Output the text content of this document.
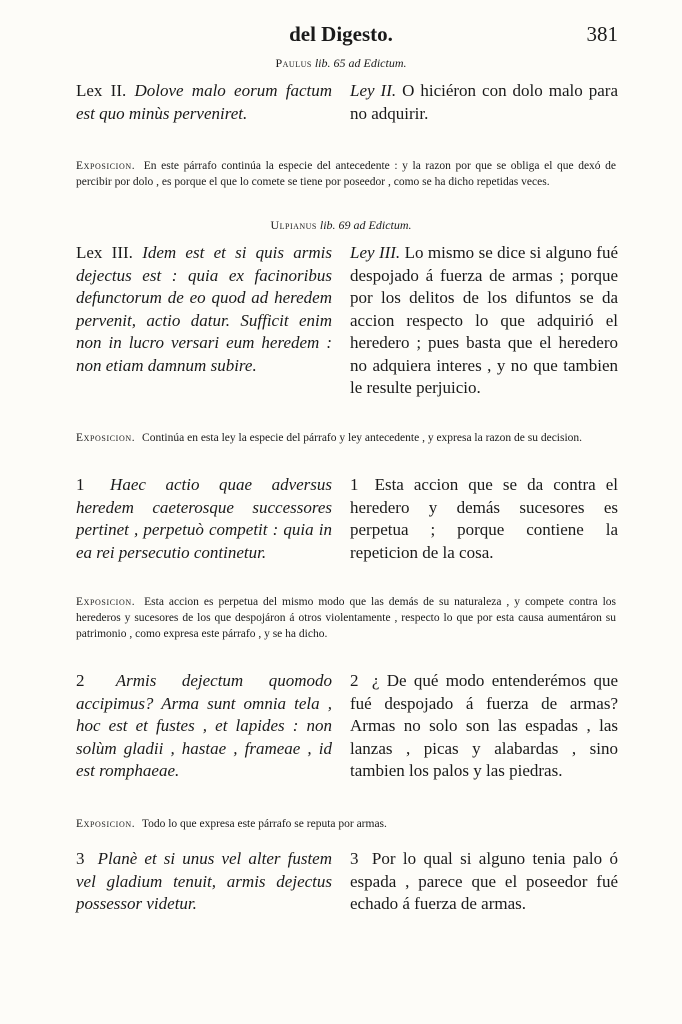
del Digesto.	381
Paulus lib. 65 ad Edictum.
Lex II. Dolove malo eorum factum est quo minùs perveniret.
Ley II. O hiciéron con dolo malo para no adquirir.
Exposicion. En este párrafo continúa la especie del antecedente : y la razon por que se obliga el que dexó de percibir por dolo , es porque el que lo comete se tiene por poseedor , como se ha dicho repetidas veces.
Ulpianus lib. 69 ad Edictum.
Lex III. Idem est et si quis armis dejectus est : quia ex facinoribus defunctorum de eo quod ad heredem pervenit, actio datur. Sufficit enim non in lucro versari eum heredem : non etiam damnum subire.
Ley III. Lo mismo se dice si alguno fué despojado á fuerza de armas ; porque por los delitos de los difuntos se da accion respecto lo que adquirió el heredero ; pues basta que el heredero no adquiera interes , y no que tambien le resulte perjuicio.
Exposicion. Continúa en esta ley la especie del párrafo y ley antecedente , y expresa la razon de su decision.
1 Haec actio quae adversus heredem caeterosque successores pertinet , perpetuò competit : quia in ea rei persecutio continetur.
1 Esta accion que se da contra el heredero y demás sucesores es perpetua ; porque contiene la repeticion de la cosa.
Exposicion. Esta accion es perpetua del mismo modo que las demás de su naturaleza , y compete contra los herederos y sucesores de los que despojáron á otros violentamente , respecto lo que por esta causa aumentáron su patrimonio , como expresa este párrafo , y se ha dicho.
2 Armis dejectum quomodo accipimus? Arma sunt omnia tela , hoc est et fustes , et lapides : non solùm gladii , hastae , frameae , id est romphaeae.
2 ¿ De qué modo entenderémos que fué despojado á fuerza de armas? Armas no solo son las espadas , las lanzas , picas y alabardas , sino tambien los palos y las piedras.
Exposicion. Todo lo que expresa este párrafo se reputa por armas.
3 Planè et si unus vel alter fustem vel gladium tenuit, armis dejectus possessor videtur.
3 Por lo qual si alguno tenia palo ó espada , parece que el poseedor fué echado á fuerza de armas.
